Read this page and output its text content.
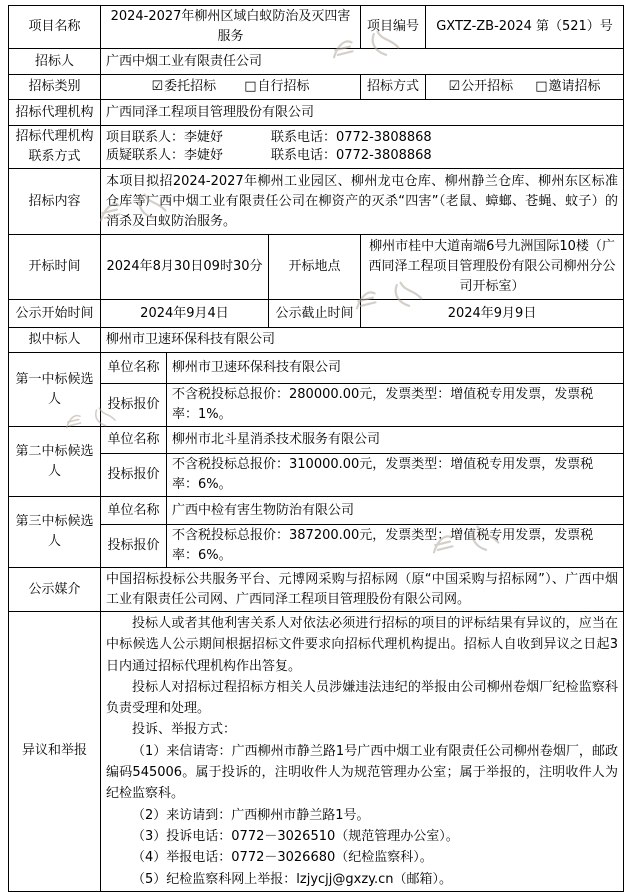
项目名称	2024-2027年柳州区域白蚁防治及灭四害服务			项目编号	GXTZ-ZB-2024 第（521）号
招标人	广西中烟工业有限责任公司				
招标类别	☑委托招标 □自行招标			招标方式	☑公开招标 □邀请招标

招标代理机构	广西同泽工程项目管理股份有限公司				

招标代理机构
联系方式

项目联系人：李婕妤	联系电话：0772-3808868
质疑联系人：李婕妤	联系电话：0772-3808868

招标内容	本项目拟招2024-2027年柳州工业园区、柳州龙屯仓库、柳州静兰仓库、柳州东区标准仓库等广西中烟工业有限责任公司在柳资产的灭杀“四害”（老鼠、蟑螂、苍蝇、蚊子）的消杀及白蚁防治服务。				
开标时间	2024年8月30日09时30分		开标地点	柳州市桂中大道南端6号九洲国际10楼（广西同泽工程项目管理股份有限公司柳州分公司开标室）	
公示开始时间	2024年9月4日		公示截止时间	2024年9月9日	
拟中标人	柳州市卫速环保科技有限公司				
第一中标候选人	单位名称	柳州市卫速环保科技有限公司			
	投标报价	不含税投标总报价：280000.00元，发票类型：增值税专用发票，发票税率：1%。			
第二中标候选人	单位名称	柳州市北斗星消杀技术服务有限公司			
	投标报价	不含税投标总报价：310000.00元，发票类型：增值税专用发票，发票税率：6%。			
第三中标候选人	单位名称	广西中检有害生物防治有限公司			
	投标报价	不含税投标总报价：387200.00元，发票类型：增值税专用发票，发票税率：6%。			
公示媒介	中国招标投标公共服务平台、元博网采购与招标网（原“中国采购与招标网”）、广西中烟工业有限责任公司网、广西同泽工程项目管理股份有限公司网。				
异议和举报	

投标人或者其他利害关系人对依法必须进行招标的项目的评标结果有异议的，应当在中标候选人公示期间根据招标文件要求向招标代理机构提出。招标人自收到异议之日起3日内通过招标代理机构作出答复。

投标人对招标过程招标方相关人员涉嫌违法违纪的举报由公司柳州卷烟厂纪检监察科负责受理和处理。

投诉、举报方式：

（1）来信请寄：广西柳州市静兰路1号广西中烟工业有限责任公司柳州卷烟厂，邮政编码545006。属于投诉的，注明收件人为规范管理办公室；属于举报的，注明收件人为纪检监察科。

（2）来访请到：广西柳州市静兰路1号。

（3）投诉电话：0772－3026510（规范管理办公室）。

（4）举报电话：0772－3026680（纪检监察科）。

（5）纪检监察科网上举报：lzjycjj@gxzy.cn（邮箱）。
